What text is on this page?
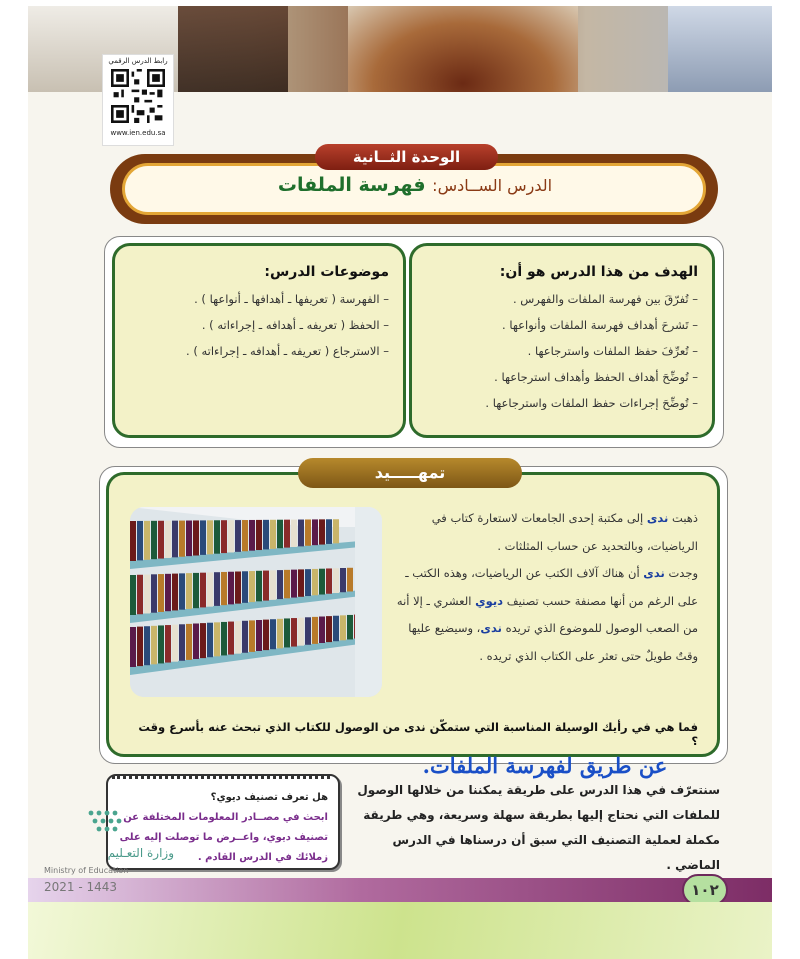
رابط الدرس الرقمي
www.ien.edu.sa
الوحدة الثــانية
الدرس الســادس: فهرسة الملفات
الهدف من هذا الدرس هو أن:
– تُفرّقَ بين فهرسة الملفات والفهرس .
– تَشرحَ أهداف فهرسة الملفات وأنواعها .
– تُعرِّفَ حفظ الملفات واسترجاعها .
– تُوضِّحَ أهداف الحفظ وأهداف استرجاعها .
– تُوضِّحَ إجراءات حفظ الملفات واسترجاعها .
موضوعات الدرس:
– الفهرسة ( تعريفها ـ أهدافها ـ أنواعها ) .
– الحفظ ( تعريفه ـ أهدافه ـ إجراءاته ) .
– الاسترجاع ( تعريفه ـ أهدافه ـ إجراءاته ) .
تمهـــــيد

ذهبت ندى إلى مكتبة إحدى الجامعات لاستعارة كتاب في الرياضيات، وبالتحديد عن حساب المثلثات .

وجدت ندى أن هناك آلاف الكتب عن الرياضيات، وهذه الكتب ـ على الرغم من أنها مصنفة حسب تصنيف ديوي العشري ـ إلا أنه من الصعب الوصول للموضوع الذي تريده ندى، وسيضيع عليها وقتٌ طويلٌ حتى تعثر على الكتاب الذي تريده .

فما هي في رأيك الوسيلة المناسبة التي ستمكّن ندى من الوصول للكتاب الذي تبحث عنه بأسرع وقت ؟
عن طريق لفهرسة الملفات.
سنتعرّف في هذا الدرس على طريقة يمكننا من خلالها الوصول للملفات التي نحتاج إليها بطريقة سهلة وسريعة، وهي طريقة مكملة لعملية التصنيف التي سبق أن درسناها في الدرس الماضي .
هل تعرف تصنيف ديوي؟
ابحث في مصــادر المعلومات المختلفة عن تصنيف ديوي، واعــرض ما توصلت إليه على زملائك في الدرس القادم .
وزارة التعـليم
Ministry of Education
2021 - 1443	١٠٢
